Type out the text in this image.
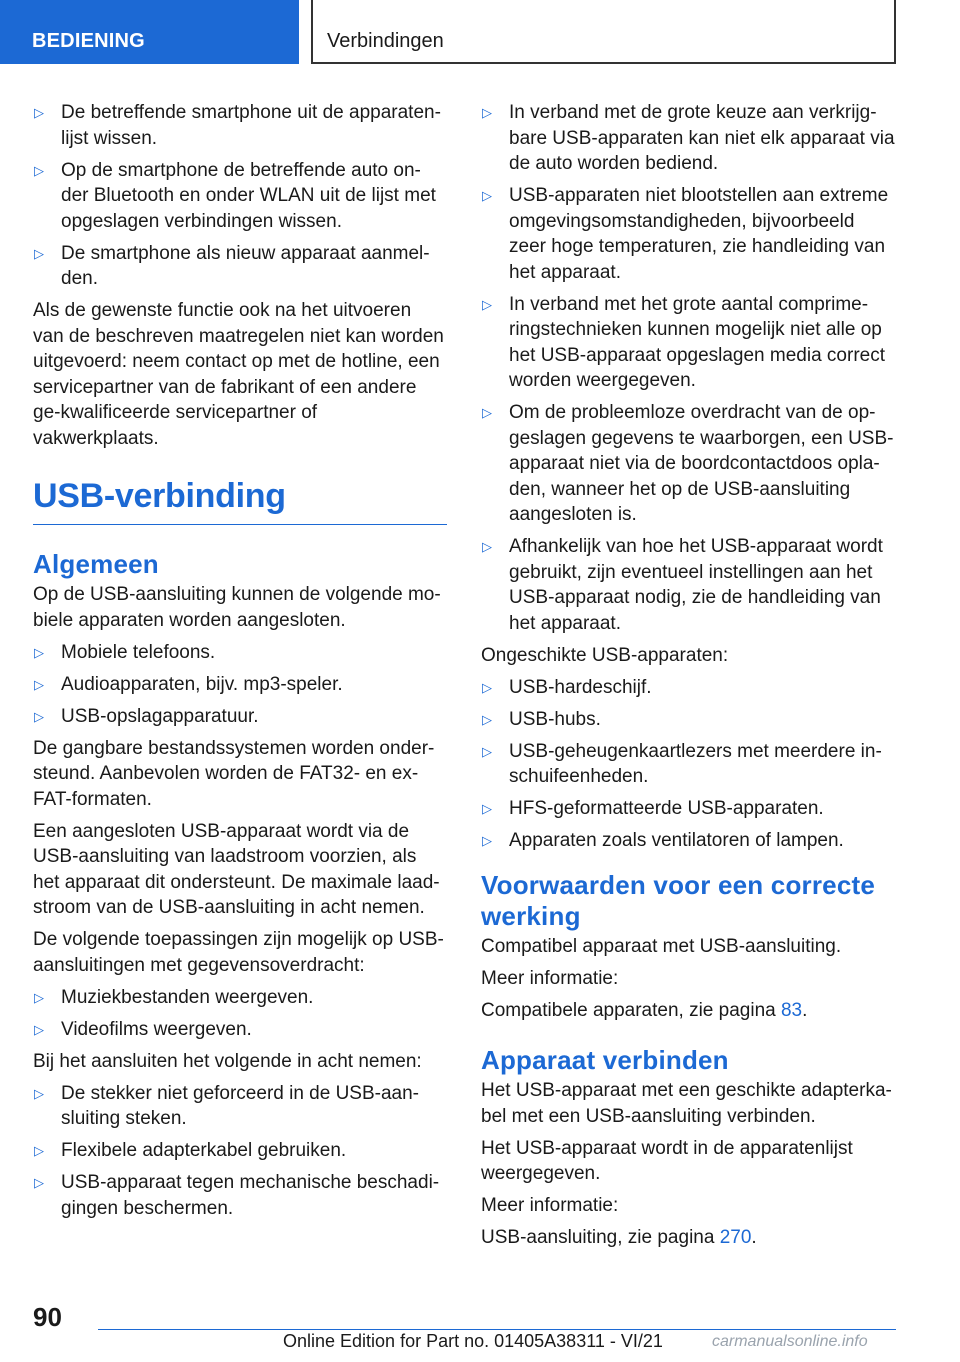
BEDIENING	Verbindingen
▷ De betreffende smartphone uit de apparaten-lijst wissen.
▷ Op de smartphone de betreffende auto on-der Bluetooth en onder WLAN uit de lijst met opgeslagen verbindingen wissen.
▷ De smartphone als nieuw apparaat aanmel-den.

Als de gewenste functie ook na het uitvoeren van de beschreven maatregelen niet kan worden uitgevoerd: neem contact op met de hotline, een servicepartner van de fabrikant of een andere ge-kwalificeerde servicepartner of vakwerkplaats.

USB-verbinding
Algemeen

Op de USB-aansluiting kunnen de volgende mo-biele apparaten worden aangesloten.

▷ Mobiele telefoons.
▷ Audioapparaten, bijv. mp3-speler.
▷ USB-opslagapparatuur.

De gangbare bestandssystemen worden onder-steund. Aanbevolen worden de FAT32- en ex-FAT-formaten.

Een aangesloten USB-apparaat wordt via de USB-aansluiting van laadstroom voorzien, als het apparaat dit ondersteunt. De maximale laad-stroom van de USB-aansluiting in acht nemen.

De volgende toepassingen zijn mogelijk op USB-aansluitingen met gegevensoverdracht:

▷ Muziekbestanden weergeven.
▷ Videofilms weergeven.

Bij het aansluiten het volgende in acht nemen:

▷ De stekker niet geforceerd in de USB-aan-sluiting steken.
▷ Flexibele adapterkabel gebruiken.
▷ USB-apparaat tegen mechanische beschadi-gingen beschermen.
▷ In verband met de grote keuze aan verkrijg-bare USB-apparaten kan niet elk apparaat via de auto worden bediend.
▷ USB-apparaten niet blootstellen aan extreme omgevingsomstandigheden, bijvoorbeeld zeer hoge temperaturen, zie handleiding van het apparaat.
▷ In verband met het grote aantal comprime-ringstechnieken kunnen mogelijk niet alle op het USB-apparaat opgeslagen media correct worden weergegeven.
▷ Om de probleemloze overdracht van de op-geslagen gegevens te waarborgen, een USB-apparaat niet via de boordcontactdoos opla-den, wanneer het op de USB-aansluiting aangesloten is.
▷ Afhankelijk van hoe het USB-apparaat wordt gebruikt, zijn eventueel instellingen aan het USB-apparaat nodig, zie de handleiding van het apparaat.

Ongeschikte USB-apparaten:

▷ USB-hardeschijf.
▷ USB-hubs.
▷ USB-geheugenkaartlezers met meerdere in-schuifeenheden.
▷ HFS-geformatteerde USB-apparaten.
▷ Apparaten zoals ventilatoren of lampen.
Voorwaarden voor een correcte werking

Compatibel apparaat met USB-aansluiting.

Meer informatie:

Compatibele apparaten, zie pagina 83.

Apparaat verbinden

Het USB-apparaat met een geschikte adapterka-bel met een USB-aansluiting verbinden.

Het USB-apparaat wordt in de apparatenlijst weergegeven.

Meer informatie:

USB-aansluiting, zie pagina 270.

90
Online Edition for Part no. 01405A38311 - VI/21	carmanualsonline.info
